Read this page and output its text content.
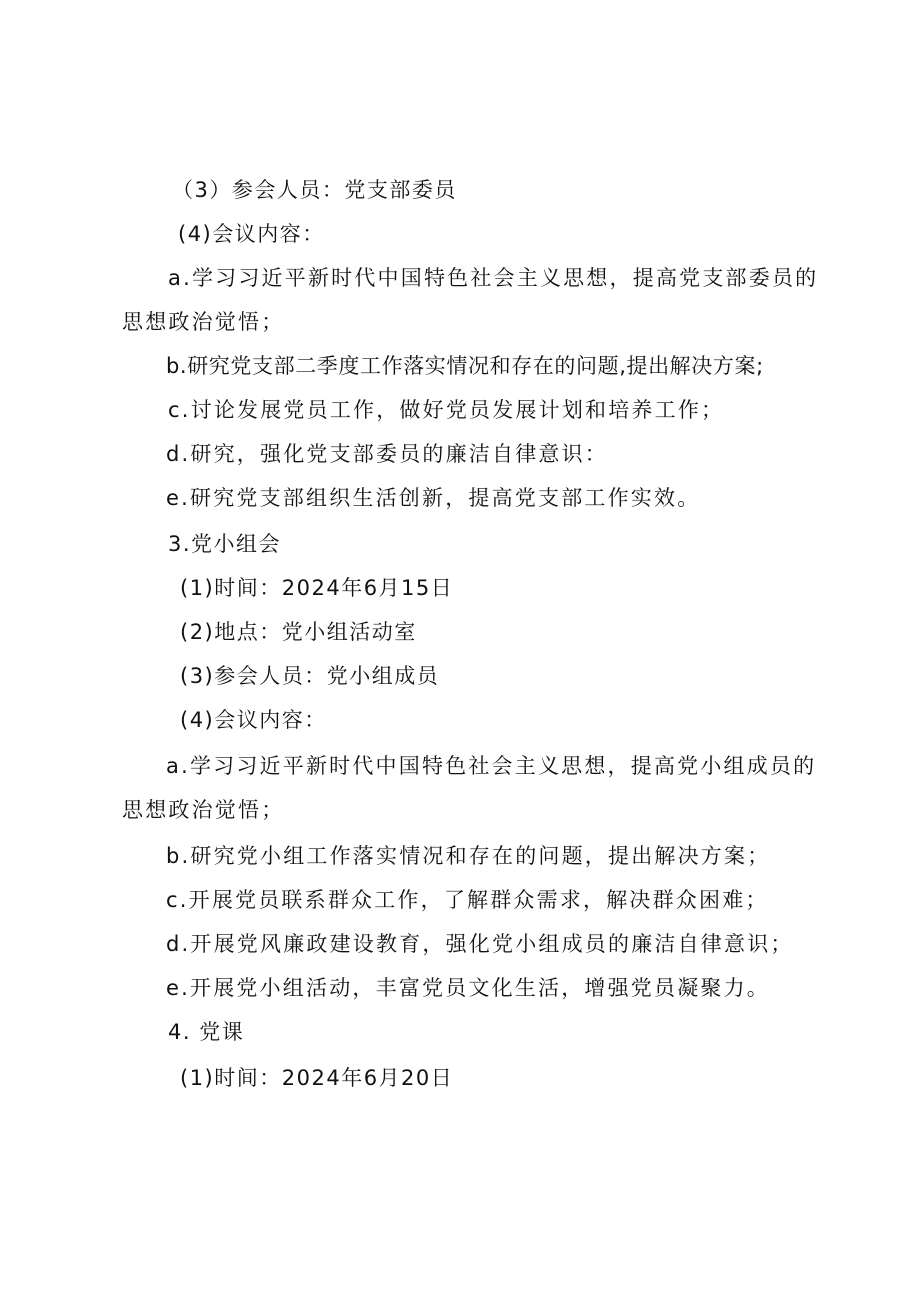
（3）参会人员：党支部委员
(4)会议内容：
a.学习习近平新时代中国特色社会主义思想，提高党支部委员的
思想政治觉悟；
b.研究党支部二季度工作落实情况和存在的问题,提出解决方案;
c.讨论发展党员工作，做好党员发展计划和培养工作；
d.研究，强化党支部委员的廉洁自律意识：
e.研究党支部组织生活创新，提高党支部工作实效。
3.党小组会
(1)时间：2024年6月15日
(2)地点：党小组活动室
(3)参会人员：党小组成员
(4)会议内容：
a.学习习近平新时代中国特色社会主义思想，提高党小组成员的
思想政治觉悟；
b.研究党小组工作落实情况和存在的问题，提出解决方案；
c.开展党员联系群众工作，了解群众需求，解决群众困难；
d.开展党风廉政建设教育，强化党小组成员的廉洁自律意识；
e.开展党小组活动，丰富党员文化生活，增强党员凝聚力。
4. 党课
(1)时间：2024年6月20日
